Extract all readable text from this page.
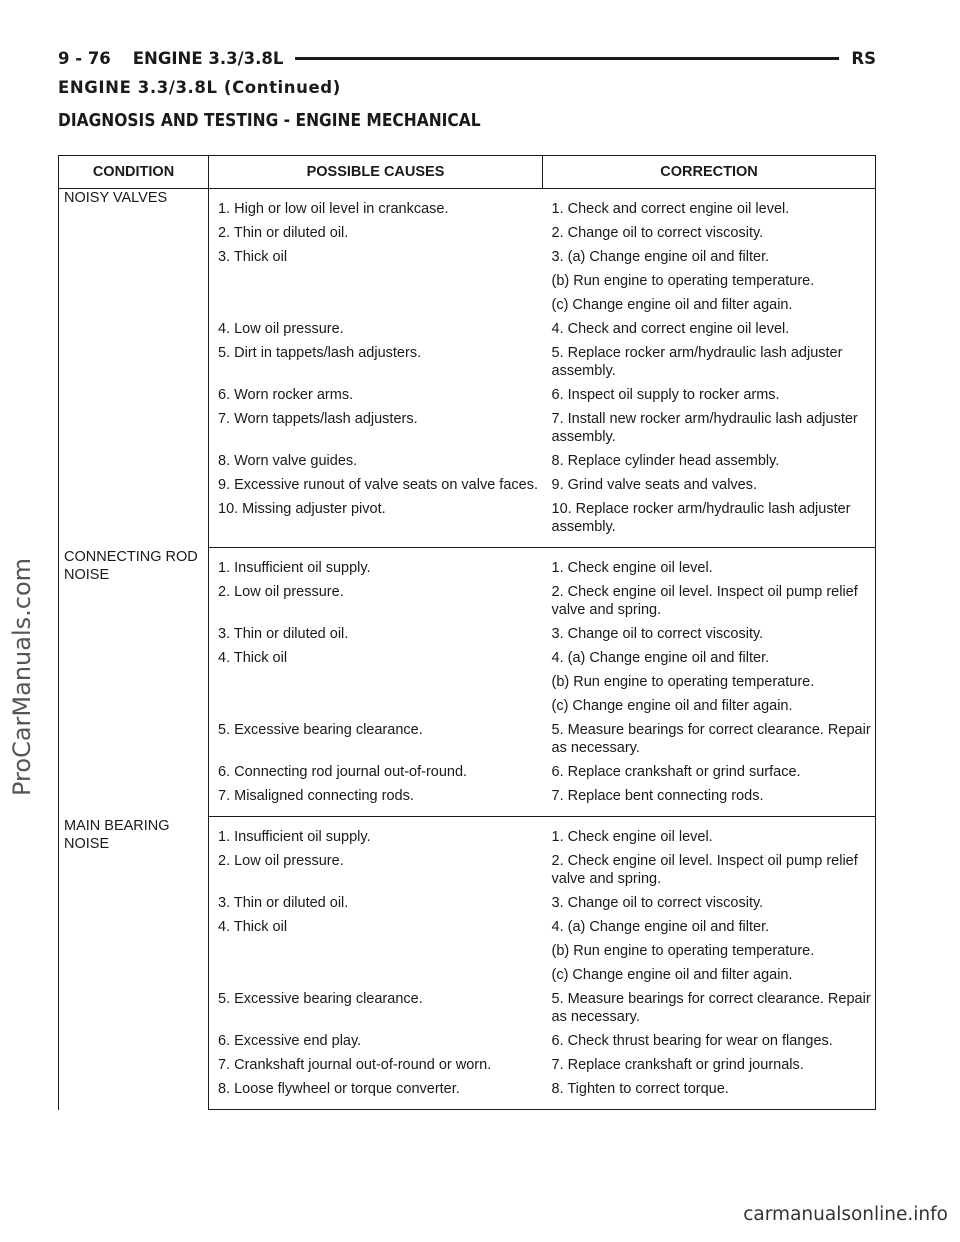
9 - 76 ENGINE 3.3/3.8L	RS
ENGINE 3.3/3.8L (Continued)
DIAGNOSIS AND TESTING - ENGINE MECHANICAL
CONDITION	POSSIBLE CAUSES	CORRECTION

NOISY VALVES	1. High or low oil level in crankcase.	1. Check and correct engine oil level.
	2. Thin or diluted oil.	2. Change oil to correct viscosity.
	3. Thick oil	3. (a) Change engine oil and filter.
		(b) Run engine to operating temperature.
		(c) Change engine oil and filter again.
	4. Low oil pressure.	4. Check and correct engine oil level.
	5. Dirt in tappets/lash adjusters.	5. Replace rocker arm/hydraulic lash adjuster assembly.
	6. Worn rocker arms.	6. Inspect oil supply to rocker arms.
	7. Worn tappets/lash adjusters.	7. Install new rocker arm/hydraulic lash adjuster assembly.
	8. Worn valve guides.	8. Replace cylinder head assembly.
	9. Excessive runout of valve seats on valve faces.	9. Grind valve seats and valves.
	10. Missing adjuster pivot.	10. Replace rocker arm/hydraulic lash adjuster assembly.

CONNECTING ROD NOISE	1. Insufficient oil supply.	1. Check engine oil level.
	2. Low oil pressure.	2. Check engine oil level. Inspect oil pump relief valve and spring.
	3. Thin or diluted oil.	3. Change oil to correct viscosity.
	4. Thick oil	4. (a) Change engine oil and filter.
		(b) Run engine to operating temperature.
		(c) Change engine oil and filter again.
	5. Excessive bearing clearance.	5. Measure bearings for correct clearance. Repair as necessary.
	6. Connecting rod journal out-of-round.	6. Replace crankshaft or grind surface.
	7. Misaligned connecting rods.	7. Replace bent connecting rods.

MAIN BEARING NOISE	1. Insufficient oil supply.	1. Check engine oil level.
	2. Low oil pressure.	2. Check engine oil level. Inspect oil pump relief valve and spring.
	3. Thin or diluted oil.	3. Change oil to correct viscosity.
	4. Thick oil	4. (a) Change engine oil and filter.
		(b) Run engine to operating temperature.
		(c) Change engine oil and filter again.
	5. Excessive bearing clearance.	5. Measure bearings for correct clearance. Repair as necessary.
	6. Excessive end play.	6. Check thrust bearing for wear on flanges.
	7. Crankshaft journal out-of-round or worn.	7. Replace crankshaft or grind journals.
	8. Loose flywheel or torque converter.	8. Tighten to correct torque.
ProCarManuals.com
carmanualsonline.info
